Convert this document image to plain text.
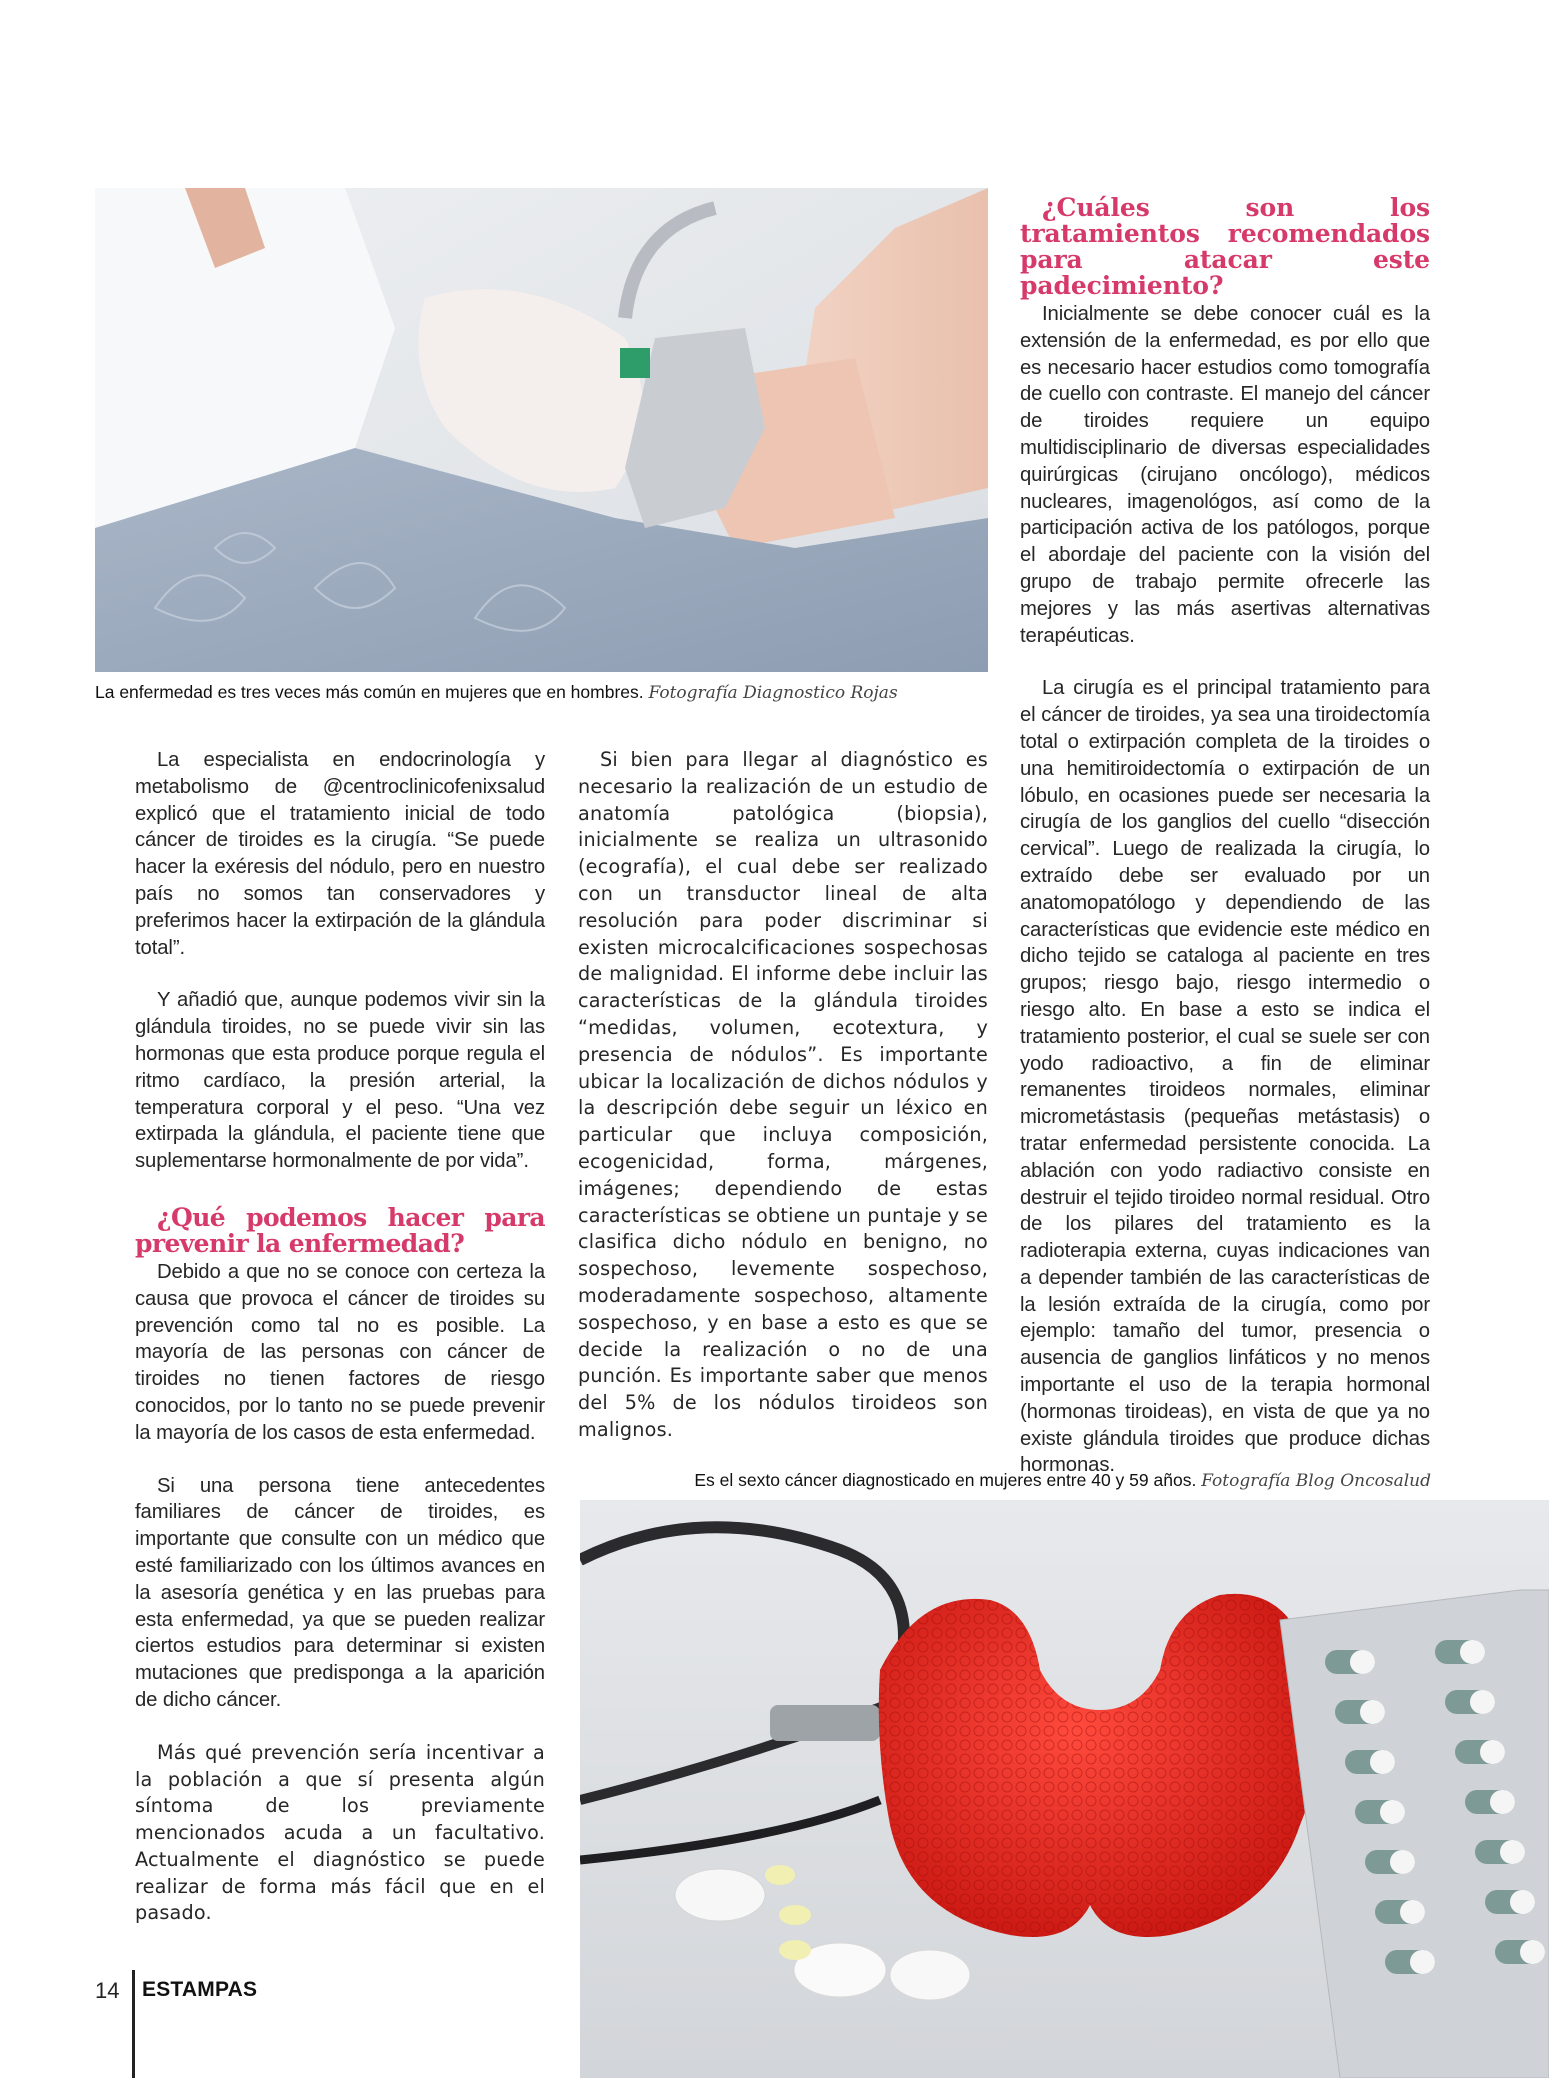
La enfermedad es tres veces más común en mujeres que en hombres. Fotografía Diagnostico Rojas

La especialista en endocrinología y metabolismo de @centroclinicofenixsalud explicó que el tratamiento inicial de todo cáncer de tiroides es la cirugía. “Se puede hacer la exéresis del nódulo, pero en nuestro país no somos tan conservadores y preferimos hacer la extirpación de la glándula total”.

Y añadió que, aunque podemos vivir sin la glándula tiroides, no se puede vivir sin las hormonas que esta produce porque regula el ritmo cardíaco, la presión arterial, la temperatura corporal y el peso. “Una vez extirpada la glándula, el paciente tiene que suplementarse hormonalmente de por vida”.

¿Qué podemos hacer para prevenir la enfermedad?

Debido a que no se conoce con certeza la causa que provoca el cáncer de tiroides su prevención como tal no es posible. La mayoría de las personas con cáncer de tiroides no tienen factores de riesgo conocidos, por lo tanto no se puede prevenir la mayoría de los casos de esta enfermedad.

Si una persona tiene antecedentes familiares de cáncer de tiroides, es importante que consulte con un médico que esté familiarizado con los últimos avances en la asesoría genética y en las pruebas para esta enfermedad, ya que se pueden realizar ciertos estudios para determinar si existen mutaciones que predisponga a la aparición de dicho cáncer.

Más qué prevención sería incentivar a la población a que sí presenta algún síntoma de los previamente mencionados acuda a un facultativo. Actualmente el diagnóstico se puede realizar de forma más fácil que en el pasado.

Si bien para llegar al diagnóstico es necesario la realización de un estudio de anatomía patológica (biopsia), inicialmente se realiza un ultrasonido (ecografía), el cual debe ser realizado con un transductor lineal de alta resolución para poder discriminar si existen microcalcificaciones sospechosas de malignidad. El informe debe incluir las características de la glándula tiroides “medidas, volumen, ecotextura, y presencia de nódulos”. Es importante ubicar la localización de dichos nódulos y la descripción debe seguir un léxico en particular que incluya composición, ecogenicidad, forma, márgenes, imágenes; dependiendo de estas características se obtiene un puntaje y se clasifica dicho nódulo en benigno, no sospechoso, levemente sospechoso, moderadamente sospechoso, altamente sospechoso, y en base a esto es que se decide la realización o no de una punción. Es importante saber que menos del 5% de los nódulos tiroideos son malignos.

¿Cuáles son los tratamientos recomendados para atacar este padecimiento?

Inicialmente se debe conocer cuál es la extensión de la enfermedad, es por ello que es necesario hacer estudios como tomografía de cuello con contraste. El manejo del cáncer de tiroides requiere un equipo multidisciplinario de diversas especialidades quirúrgicas (cirujano oncólogo), médicos nucleares, imagenológos, así como de la participación activa de los patólogos, porque el abordaje del paciente con la visión del grupo de trabajo permite ofrecerle las mejores y las más asertivas alternativas terapéuticas.

La cirugía es el principal tratamiento para el cáncer de tiroides, ya sea una tiroidectomía total o extirpación completa de la tiroides o una hemitiroidectomía o extirpación de un lóbulo, en ocasiones puede ser necesaria la cirugía de los ganglios del cuello “disección cervical”. Luego de realizada la cirugía, lo extraído debe ser evaluado por un anatomopatólogo y dependiendo de las características que evidencie este médico en dicho tejido se cataloga al paciente en tres grupos; riesgo bajo, riesgo intermedio o riesgo alto. En base a esto se indica el tratamiento posterior, el cual se suele ser con yodo radioactivo, a fin de eliminar remanentes tiroideos normales, eliminar micrometástasis (pequeñas metástasis) o tratar enfermedad persistente conocida. La ablación con yodo radiactivo consiste en destruir el tejido tiroideo normal residual. Otro de los pilares del tratamiento es la radioterapia externa, cuyas indicaciones van a depender también de las características de la lesión extraída de la cirugía, como por ejemplo: tamaño del tumor, presencia o ausencia de ganglios linfáticos y no menos importante el uso de la terapia hormonal (hormonas tiroideas), en vista de que ya no existe glándula tiroides que produce dichas hormonas.

Es el sexto cáncer diagnosticado en mujeres entre 40 y 59 años. Fotografía Blog Oncosalud
14 ESTAMPAS
